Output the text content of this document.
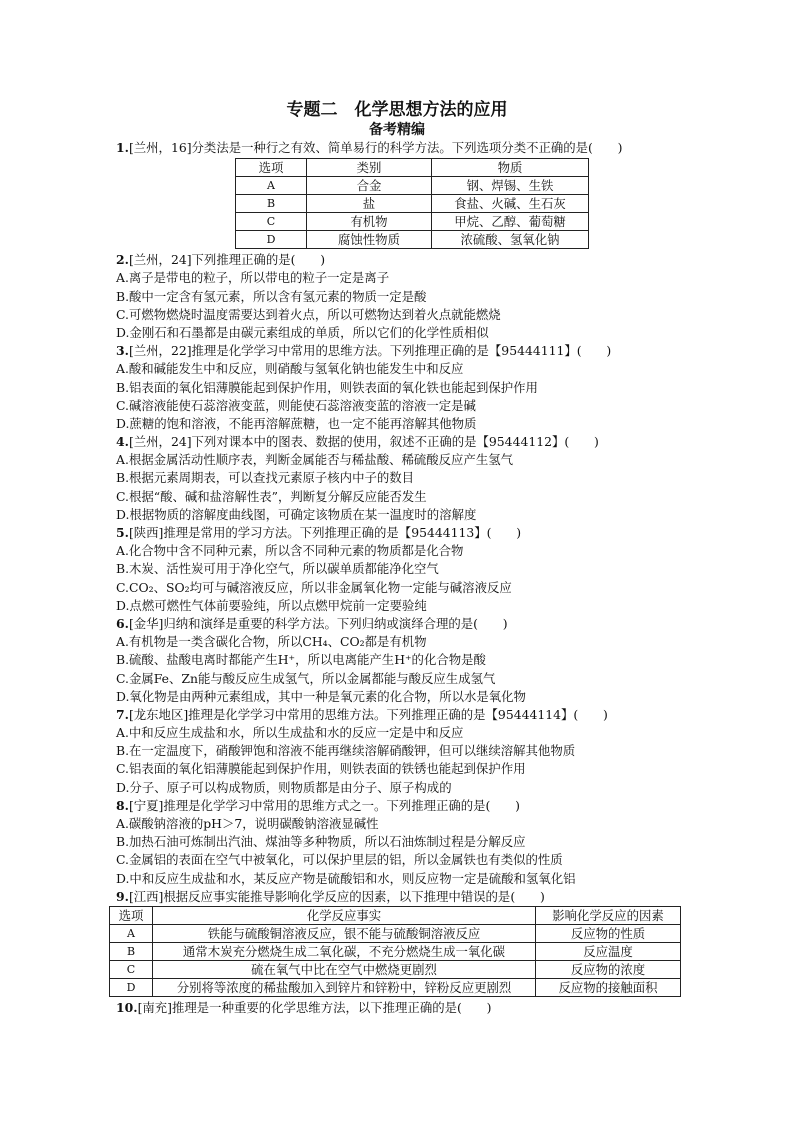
专题二　化学思想方法的应用
备考精编
1.[兰州，16]分类法是一种行之有效、简单易行的科学方法。下列选项分类不正确的是(　　)
选项	类别	物质
A	合金	钢、焊锡、生铁
B	盐	食盐、火碱、生石灰
C	有机物	甲烷、乙醇、葡萄糖
D	腐蚀性物质	浓硫酸、氢氧化钠
2.[兰州，24]下列推理正确的是(　　)
A.离子是带电的粒子，所以带电的粒子一定是离子
B.酸中一定含有氢元素，所以含有氢元素的物质一定是酸
C.可燃物燃烧时温度需要达到着火点，所以可燃物达到着火点就能燃烧
D.金刚石和石墨都是由碳元素组成的单质，所以它们的化学性质相似
3.[兰州，22]推理是化学学习中常用的思维方法。下列推理正确的是【95444111】(　　)
A.酸和碱能发生中和反应，则硝酸与氢氧化钠也能发生中和反应
B.铝表面的氧化铝薄膜能起到保护作用，则铁表面的氧化铁也能起到保护作用
C.碱溶液能使石蕊溶液变蓝，则能使石蕊溶液变蓝的溶液一定是碱
D.蔗糖的饱和溶液，不能再溶解蔗糖，也一定不能再溶解其他物质
4.[兰州，24]下列对课本中的图表、数据的使用，叙述不正确的是【95444112】(　　)
A.根据金属活动性顺序表，判断金属能否与稀盐酸、稀硫酸反应产生氢气
B.根据元素周期表，可以查找元素原子核内中子的数目
C.根据“酸、碱和盐溶解性表”，判断复分解反应能否发生
D.根据物质的溶解度曲线图，可确定该物质在某一温度时的溶解度
5.[陕西]推理是常用的学习方法。下列推理正确的是【95444113】(　　)
A.化合物中含不同种元素，所以含不同种元素的物质都是化合物
B.木炭、活性炭可用于净化空气，所以碳单质都能净化空气
C.CO₂、SO₂均可与碱溶液反应，所以非金属氧化物一定能与碱溶液反应
D.点燃可燃性气体前要验纯，所以点燃甲烷前一定要验纯
6.[金华]归纳和演绎是重要的科学方法。下列归纳或演绎合理的是(　　)
A.有机物是一类含碳化合物，所以CH₄、CO₂都是有机物
B.硫酸、盐酸电离时都能产生H⁺，所以电离能产生H⁺的化合物是酸
C.金属Fe、Zn能与酸反应生成氢气，所以金属都能与酸反应生成氢气
D.氧化物是由两种元素组成，其中一种是氧元素的化合物，所以水是氧化物
7.[龙东地区]推理是化学学习中常用的思维方法。下列推理正确的是【95444114】(　　)
A.中和反应生成盐和水，所以生成盐和水的反应一定是中和反应
B.在一定温度下，硝酸钾饱和溶液不能再继续溶解硝酸钾，但可以继续溶解其他物质
C.铝表面的氧化铝薄膜能起到保护作用，则铁表面的铁锈也能起到保护作用
D.分子、原子可以构成物质，则物质都是由分子、原子构成的
8.[宁夏]推理是化学学习中常用的思维方式之一。下列推理正确的是(　　)
A.碳酸钠溶液的pH＞7，说明碳酸钠溶液显碱性
B.加热石油可炼制出汽油、煤油等多种物质，所以石油炼制过程是分解反应
C.金属铝的表面在空气中被氧化，可以保护里层的铝，所以金属铁也有类似的性质
D.中和反应生成盐和水，某反应产物是硫酸铝和水，则反应物一定是硫酸和氢氧化铝
9.[江西]根据反应事实能推导影响化学反应的因素，以下推理中错误的是(　　)
选项	化学反应事实	影响化学反应的因素
A	铁能与硫酸铜溶液反应，银不能与硫酸铜溶液反应	反应物的性质
B	通常木炭充分燃烧生成二氧化碳，不充分燃烧生成一氧化碳	反应温度
C	硫在氧气中比在空气中燃烧更剧烈	反应物的浓度
D	分别将等浓度的稀盐酸加入到锌片和锌粉中，锌粉反应更剧烈	反应物的接触面积
10.[南充]推理是一种重要的化学思维方法，以下推理正确的是(　　)
